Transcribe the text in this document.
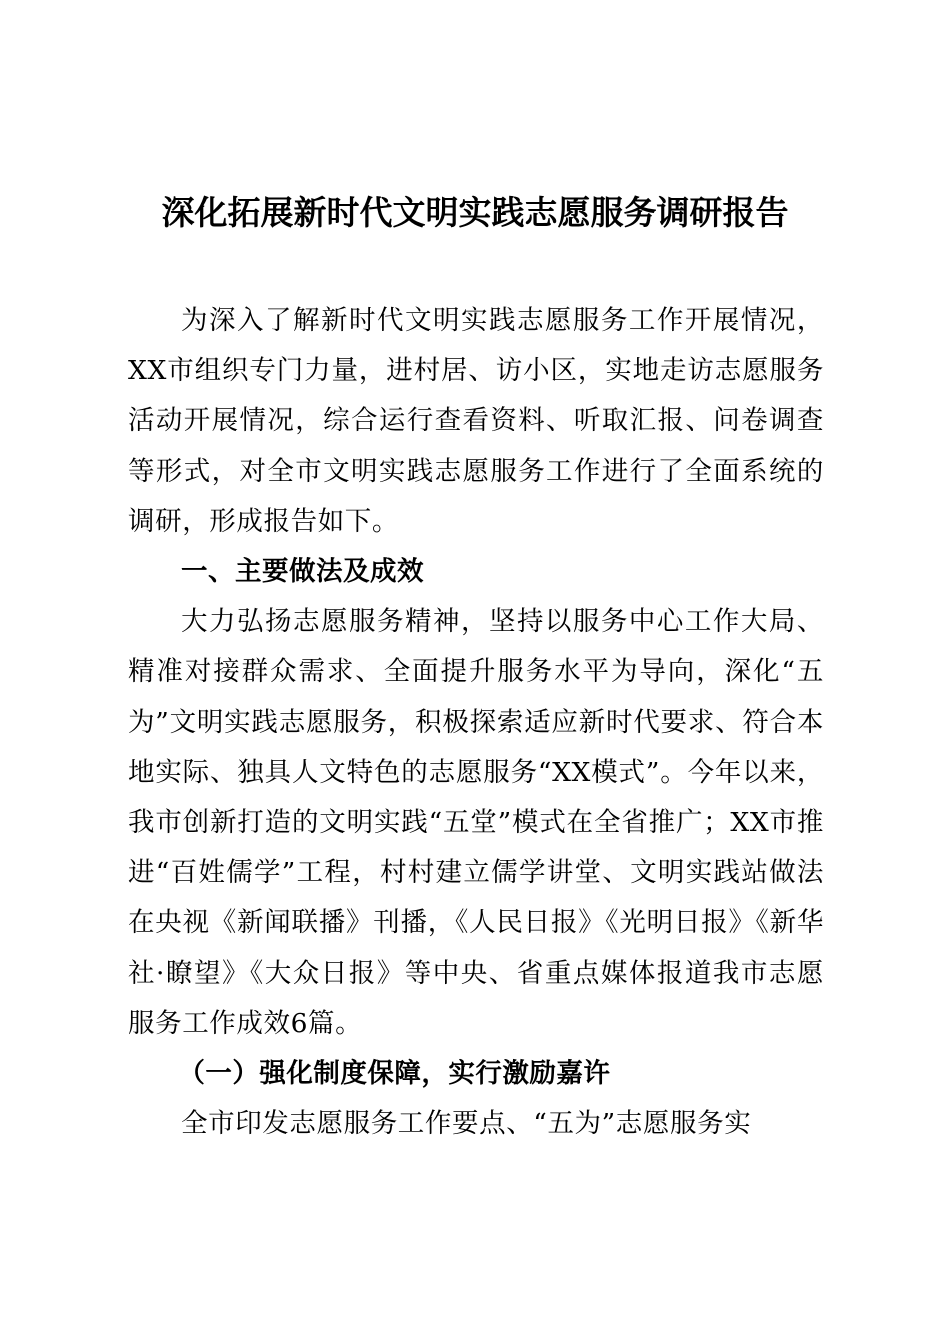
深化拓展新时代文明实践志愿服务调研报告

为深入了解新时代文明实践志愿服务工作开展情况，XX市组织专门力量，进村居、访小区，实地走访志愿服务活动开展情况，综合运行查看资料、听取汇报、问卷调查等形式，对全市文明实践志愿服务工作进行了全面系统的调研，形成报告如下。

一、主要做法及成效

大力弘扬志愿服务精神，坚持以服务中心工作大局、精准对接群众需求、全面提升服务水平为导向，深化“五为”文明实践志愿服务，积极探索适应新时代要求、符合本地实际、独具人文特色的志愿服务“XX模式”。今年以来，我市创新打造的文明实践“五堂”模式在全省推广；XX市推进“百姓儒学”工程，村村建立儒学讲堂、文明实践站做法在央视《新闻联播》刊播，《人民日报》《光明日报》《新华社·瞭望》《大众日报》等中央、省重点媒体报道我市志愿服务工作成效6篇。

（一）强化制度保障，实行激励嘉许

全市印发志愿服务工作要点、“五为”志愿服务实
